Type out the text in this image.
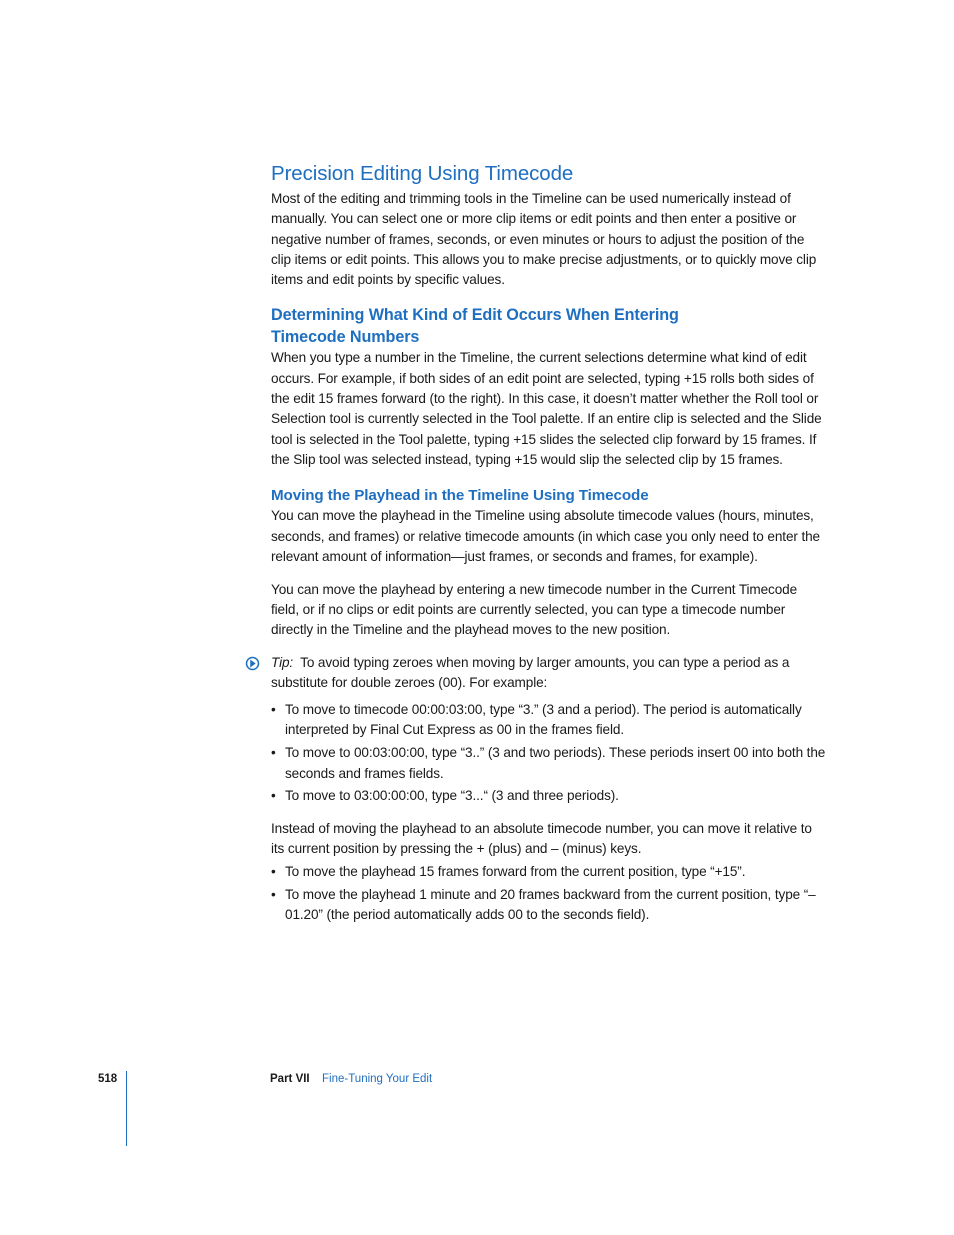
Precision Editing Using Timecode

Most of the editing and trimming tools in the Timeline can be used numerically instead of manually. You can select one or more clip items or edit points and then enter a positive or negative number of frames, seconds, or even minutes or hours to adjust the position of the clip items or edit points. This allows you to make precise adjustments, or to quickly move clip items and edit points by specific values.

Determining What Kind of Edit Occurs When Entering
Timecode Numbers

When you type a number in the Timeline, the current selections determine what kind of edit occurs. For example, if both sides of an edit point are selected, typing +15 rolls both sides of the edit 15 frames forward (to the right). In this case, it doesn’t matter whether the Roll tool or Selection tool is currently selected in the Tool palette. If an entire clip is selected and the Slide tool is selected in the Tool palette, typing +15 slides the selected clip forward by 15 frames. If the Slip tool was selected instead, typing +15 would slip the selected clip by 15 frames.

Moving the Playhead in the Timeline Using Timecode

You can move the playhead in the Timeline using absolute timecode values (hours, minutes, seconds, and frames) or relative timecode amounts (in which case you only need to enter the relevant amount of information—just frames, or seconds and frames, for example).

You can move the playhead by entering a new timecode number in the Current Timecode field, or if no clips or edit points are currently selected, you can type a timecode number directly in the Timeline and the playhead moves to the new position.

Tip: To avoid typing zeroes when moving by larger amounts, you can type a period as a substitute for double zeroes (00). For example:

• To move to timecode 00:00:03:00, type “3.” (3 and a period). The period is automatically interpreted by Final Cut Express as 00 in the frames field.
• To move to 00:03:00:00, type “3..” (3 and two periods). These periods insert 00 into both the seconds and frames fields.
• To move to 03:00:00:00, type “3...“ (3 and three periods).

Instead of moving the playhead to an absolute timecode number, you can move it relative to its current position by pressing the + (plus) and – (minus) keys.

• To move the playhead 15 frames forward from the current position, type “+15”.
• To move the playhead 1 minute and 20 frames backward from the current position, type “–01.20” (the period automatically adds 00 to the seconds field).
518	Part VII Fine-Tuning Your Edit
